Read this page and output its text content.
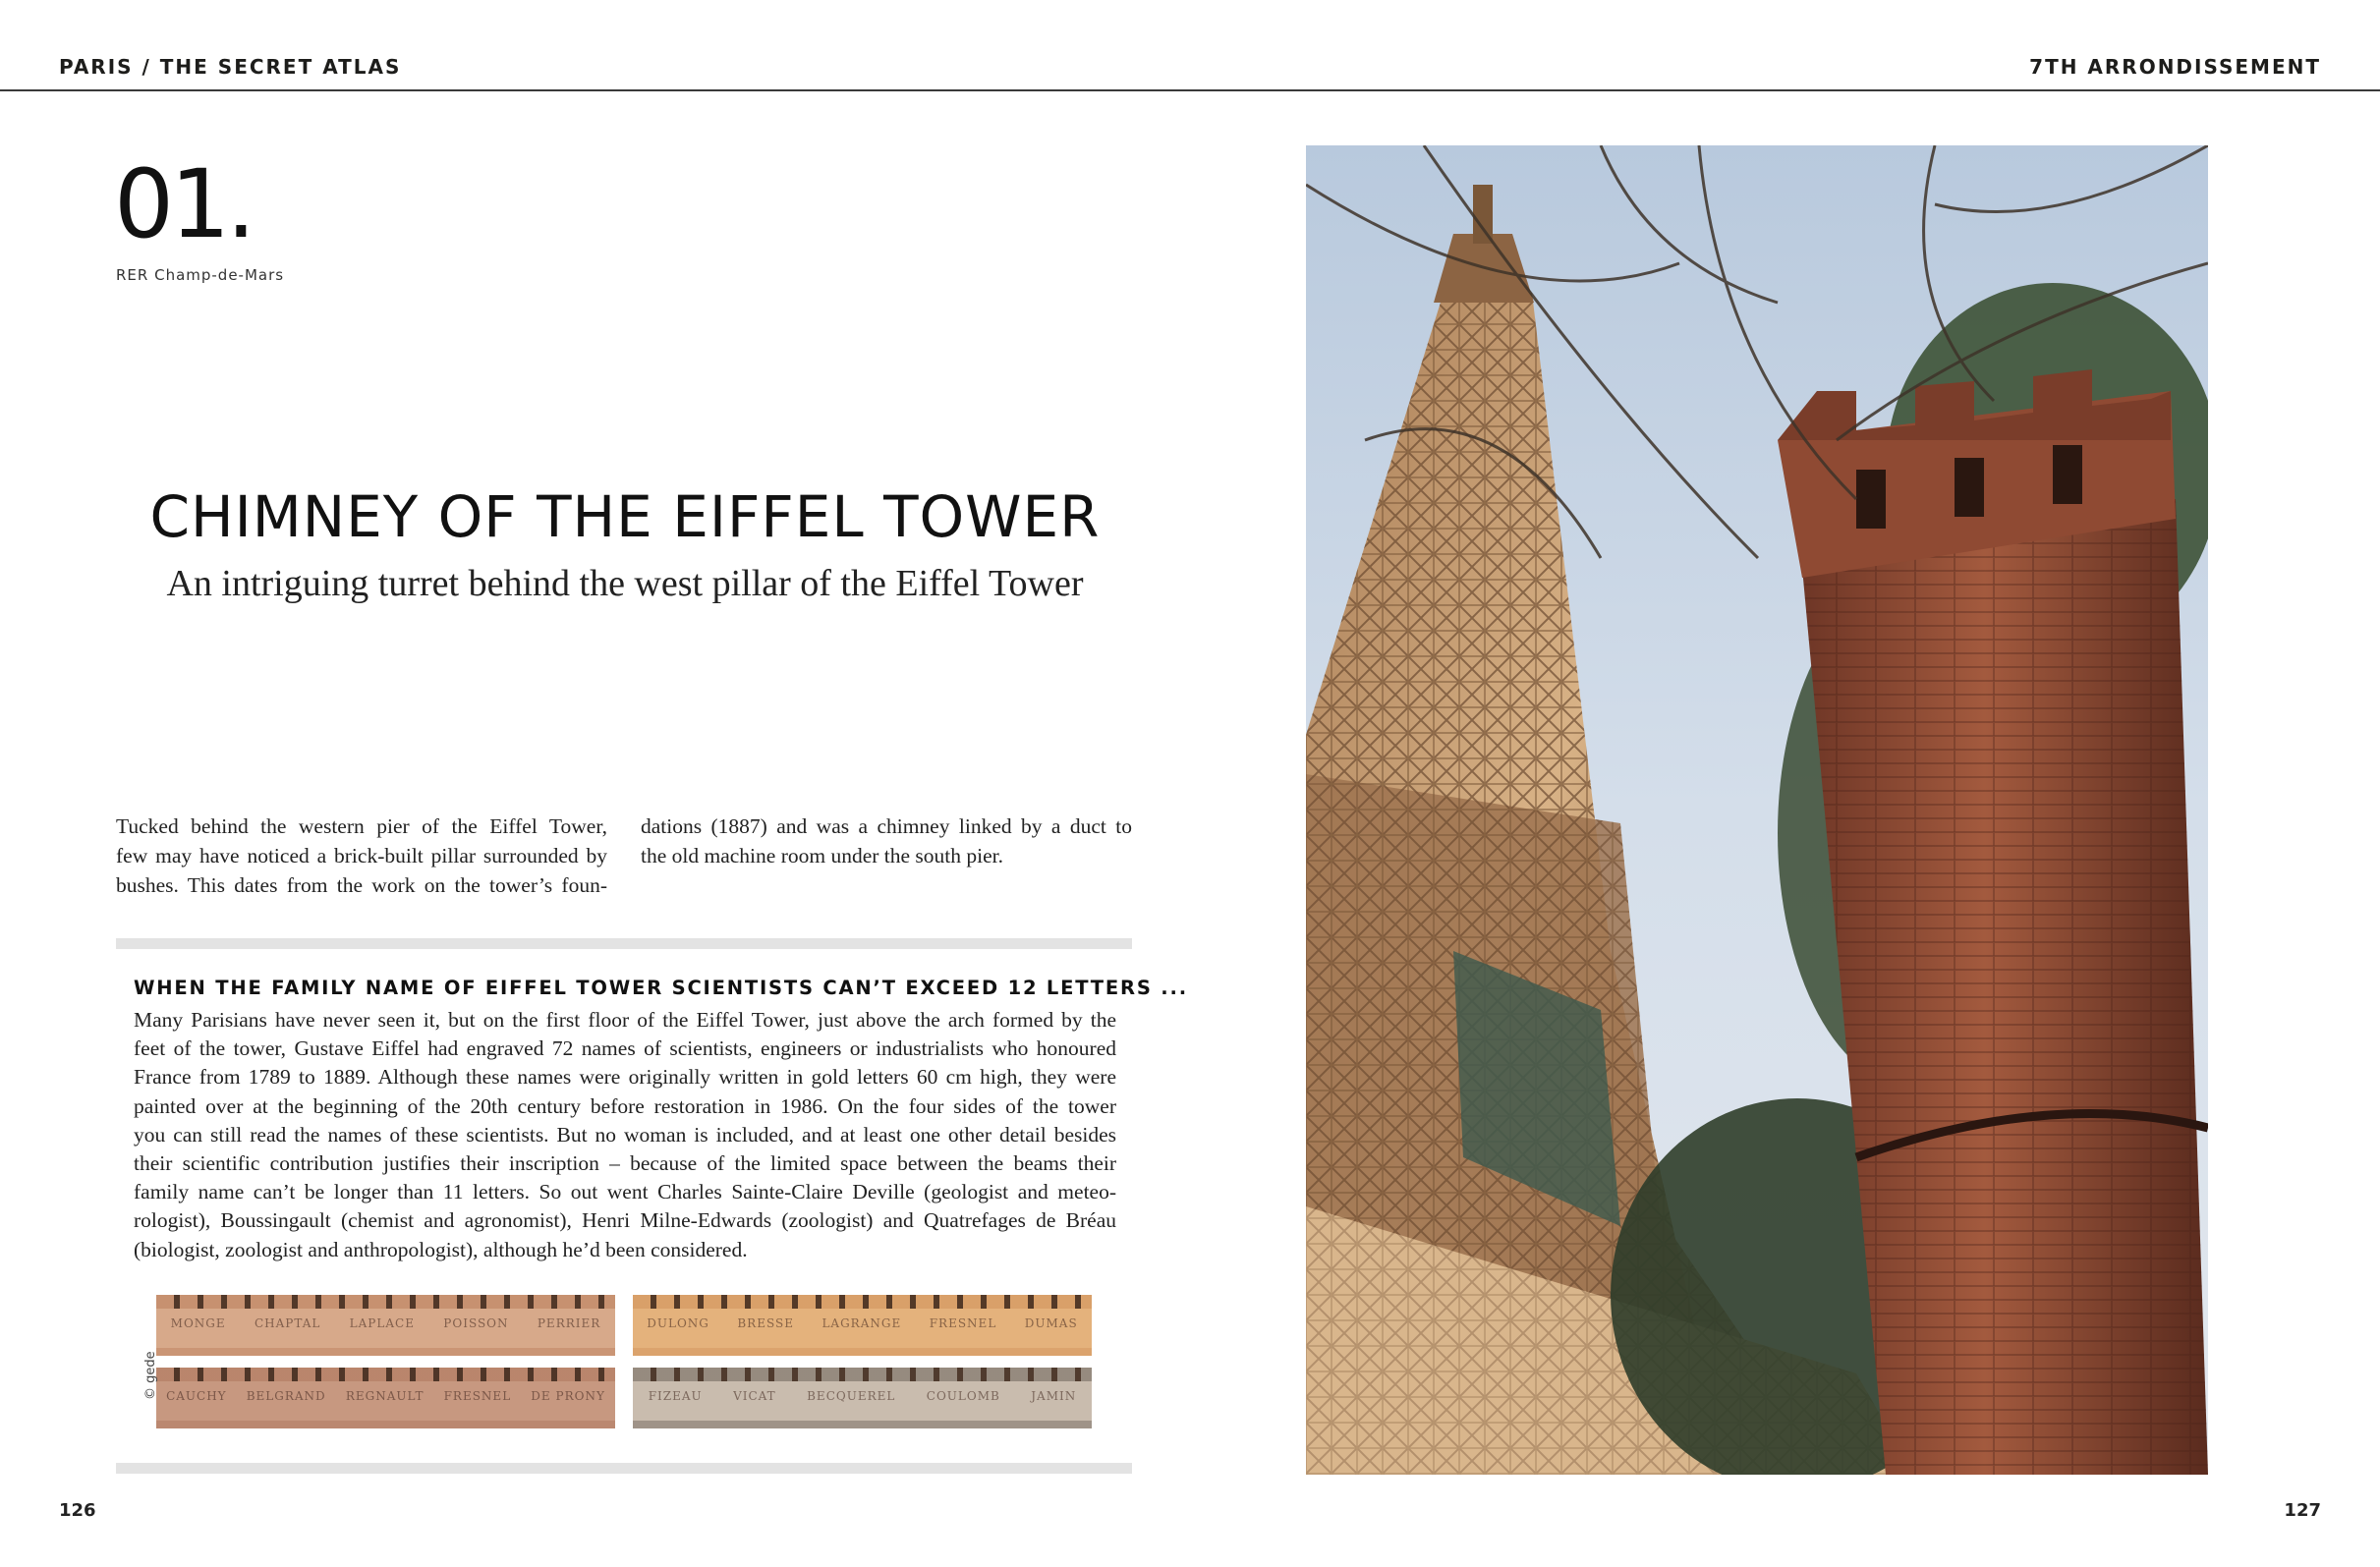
PARIS / THE SECRET ATLAS	7TH ARRONDISSEMENT
01.
RER Champ-de-Mars
CHIMNEY OF THE EIFFEL TOWER
An intriguing turret behind the west pillar of the Eiffel Tower
Tucked behind the western pier of the Eiffel Tower,
few may have noticed a brick-built pillar surrounded by
bushes. This dates from the work on the tower’s foun-
dations (1887) and was a chimney linked by a duct to
the old machine room under the south pier.
WHEN THE FAMILY NAME OF EIFFEL TOWER SCIENTISTS CAN’T EXCEED 12 LETTERS ...
Many Parisians have never seen it, but on the first floor of the Eiffel Tower, just above the arch formed by the
feet of the tower, Gustave Eiffel had engraved 72 names of scientists, engineers or industrialists who honoured
France from 1789 to 1889. Although these names were originally written in gold letters 60 cm high, they were
painted over at the beginning of the 20th century before restoration in 1986. On the four sides of the tower
you can still read the names of these scientists. But no woman is included, and at least one other detail besides
their scientific contribution justifies their inscription – because of the limited space between the beams their
family name can’t be longer than 11 letters. So out went Charles Sainte-Claire Deville (geologist and meteo-
rologist), Boussingault (chemist and agronomist), Henri Milne-Edwards (zoologist) and Quatrefages de Bréau
(biologist, zoologist and anthropologist), although he’d been considered.
MONGE CHAPTAL LAPLACE POISSON PERRIER	DULONG BRESSE LAGRANGE FRESNEL DUMAS
CAUCHY BELGRAND REGNAULT FRESNEL DE PRONY	FIZEAU	VICAT	BECQUEREL	COULOMB	JAMIN
© gede
126	127
